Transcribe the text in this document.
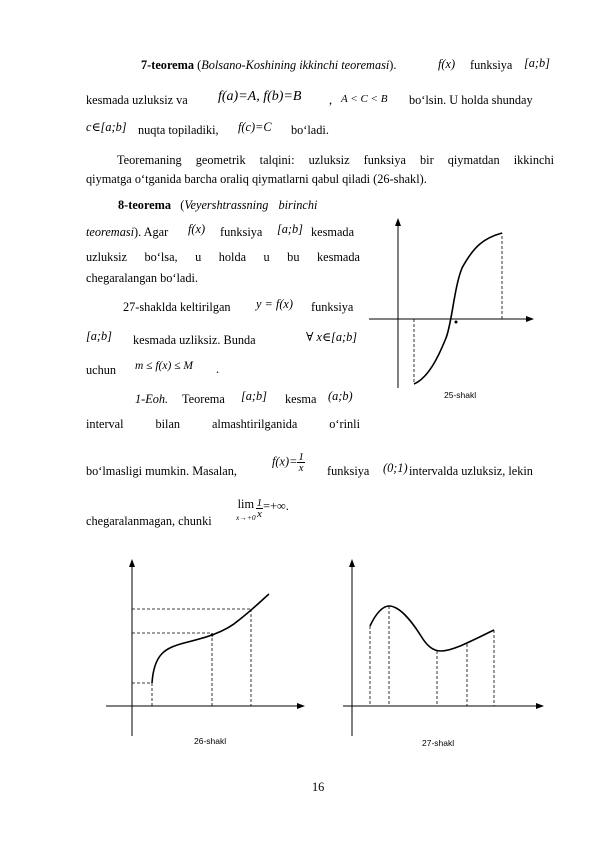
7-teorema (Bolsano-Koshining ikkinchi teoremasi).	f(x) funksiya [a;b]
kesmada uzluksiz va f(a)=A, f(b)=B , A < C < B bo‘lsin. U holda shunday
c∈[a;b] nuqta topiladiki, f(c)=C bo‘ladi.
Teoremaning geometrik talqini: uzluksiz funksiya bir qiymatdan ikkinchi
qiymatga o‘tganida barcha oraliq qiymatlarni qabul qiladi (26-shakl).
8-teorema (Veyershtrassning birinchi
teoremasi). Agar f(x) funksiya [a;b] kesmada
uzluksiz bo‘lsa, u holda u bu kesmada
chegaralangan bo‘ladi.
27-shaklda keltirilgan y = f(x) funksiya
[a;b] kesmada uzliksiz. Bunda	∀ x∈[a;b]
uchun m ≤ f(x) ≤ M .
1-Eoh. Teorema [a;b] kesma (a;b)
interval bilan almashtirilganida o‘rinli
bo‘lmasligi mumkin. Masalan,
$f(x)= \frac{1}{x}$ funksiya (0;1) intervalda uzluksiz, lekin
chegaralanmagan, chunki
lim
$x\to+0 \frac{1}{x}$ =+∞.
25-shakl
26-shakl	27-shakl
16
